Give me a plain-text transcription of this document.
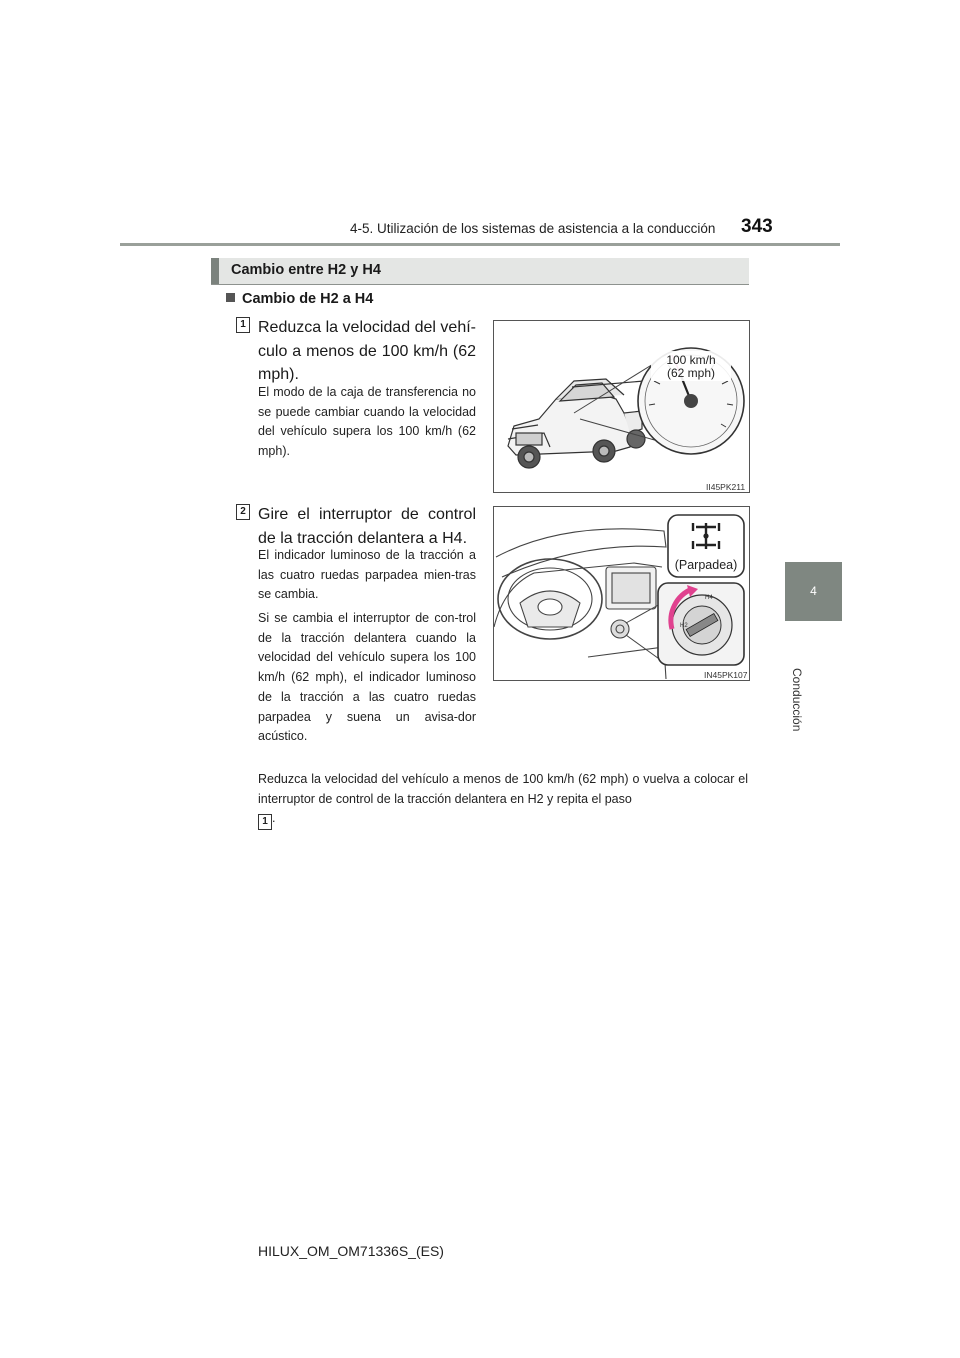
4-5. Utilización de los sistemas de asistencia a la conducción 343
4
Conducción
Cambio entre H2 y H4
Cambio de H2 a H4
1 Reduzca la velocidad del vehí-culo a menos de 100 km/h (62 mph).
El modo de la caja de transferencia no se puede cambiar cuando la velocidad del vehículo supera los 100 km/h (62 mph).
100 km/h
(62 mph)
II45PK211
2 Gire el interruptor de control de la tracción delantera a H4.
El indicador luminoso de la tracción a las cuatro ruedas parpadea mien-tras se cambia.
Si se cambia el interruptor de con-trol de la tracción delantera cuando la velocidad del vehículo supera los 100 km/h (62 mph), el indicador luminoso de la tracción a las cuatro ruedas parpadea y suena un avisa-dor acústico.
(Parpadea)
H4
H2
IN45PK107
Reduzca la velocidad del vehículo a menos de 100 km/h (62 mph) o vuelva a colocar el interruptor de control de la tracción delantera en H2 y repita el paso
1 .
HILUX_OM_OM71336S_(ES)
